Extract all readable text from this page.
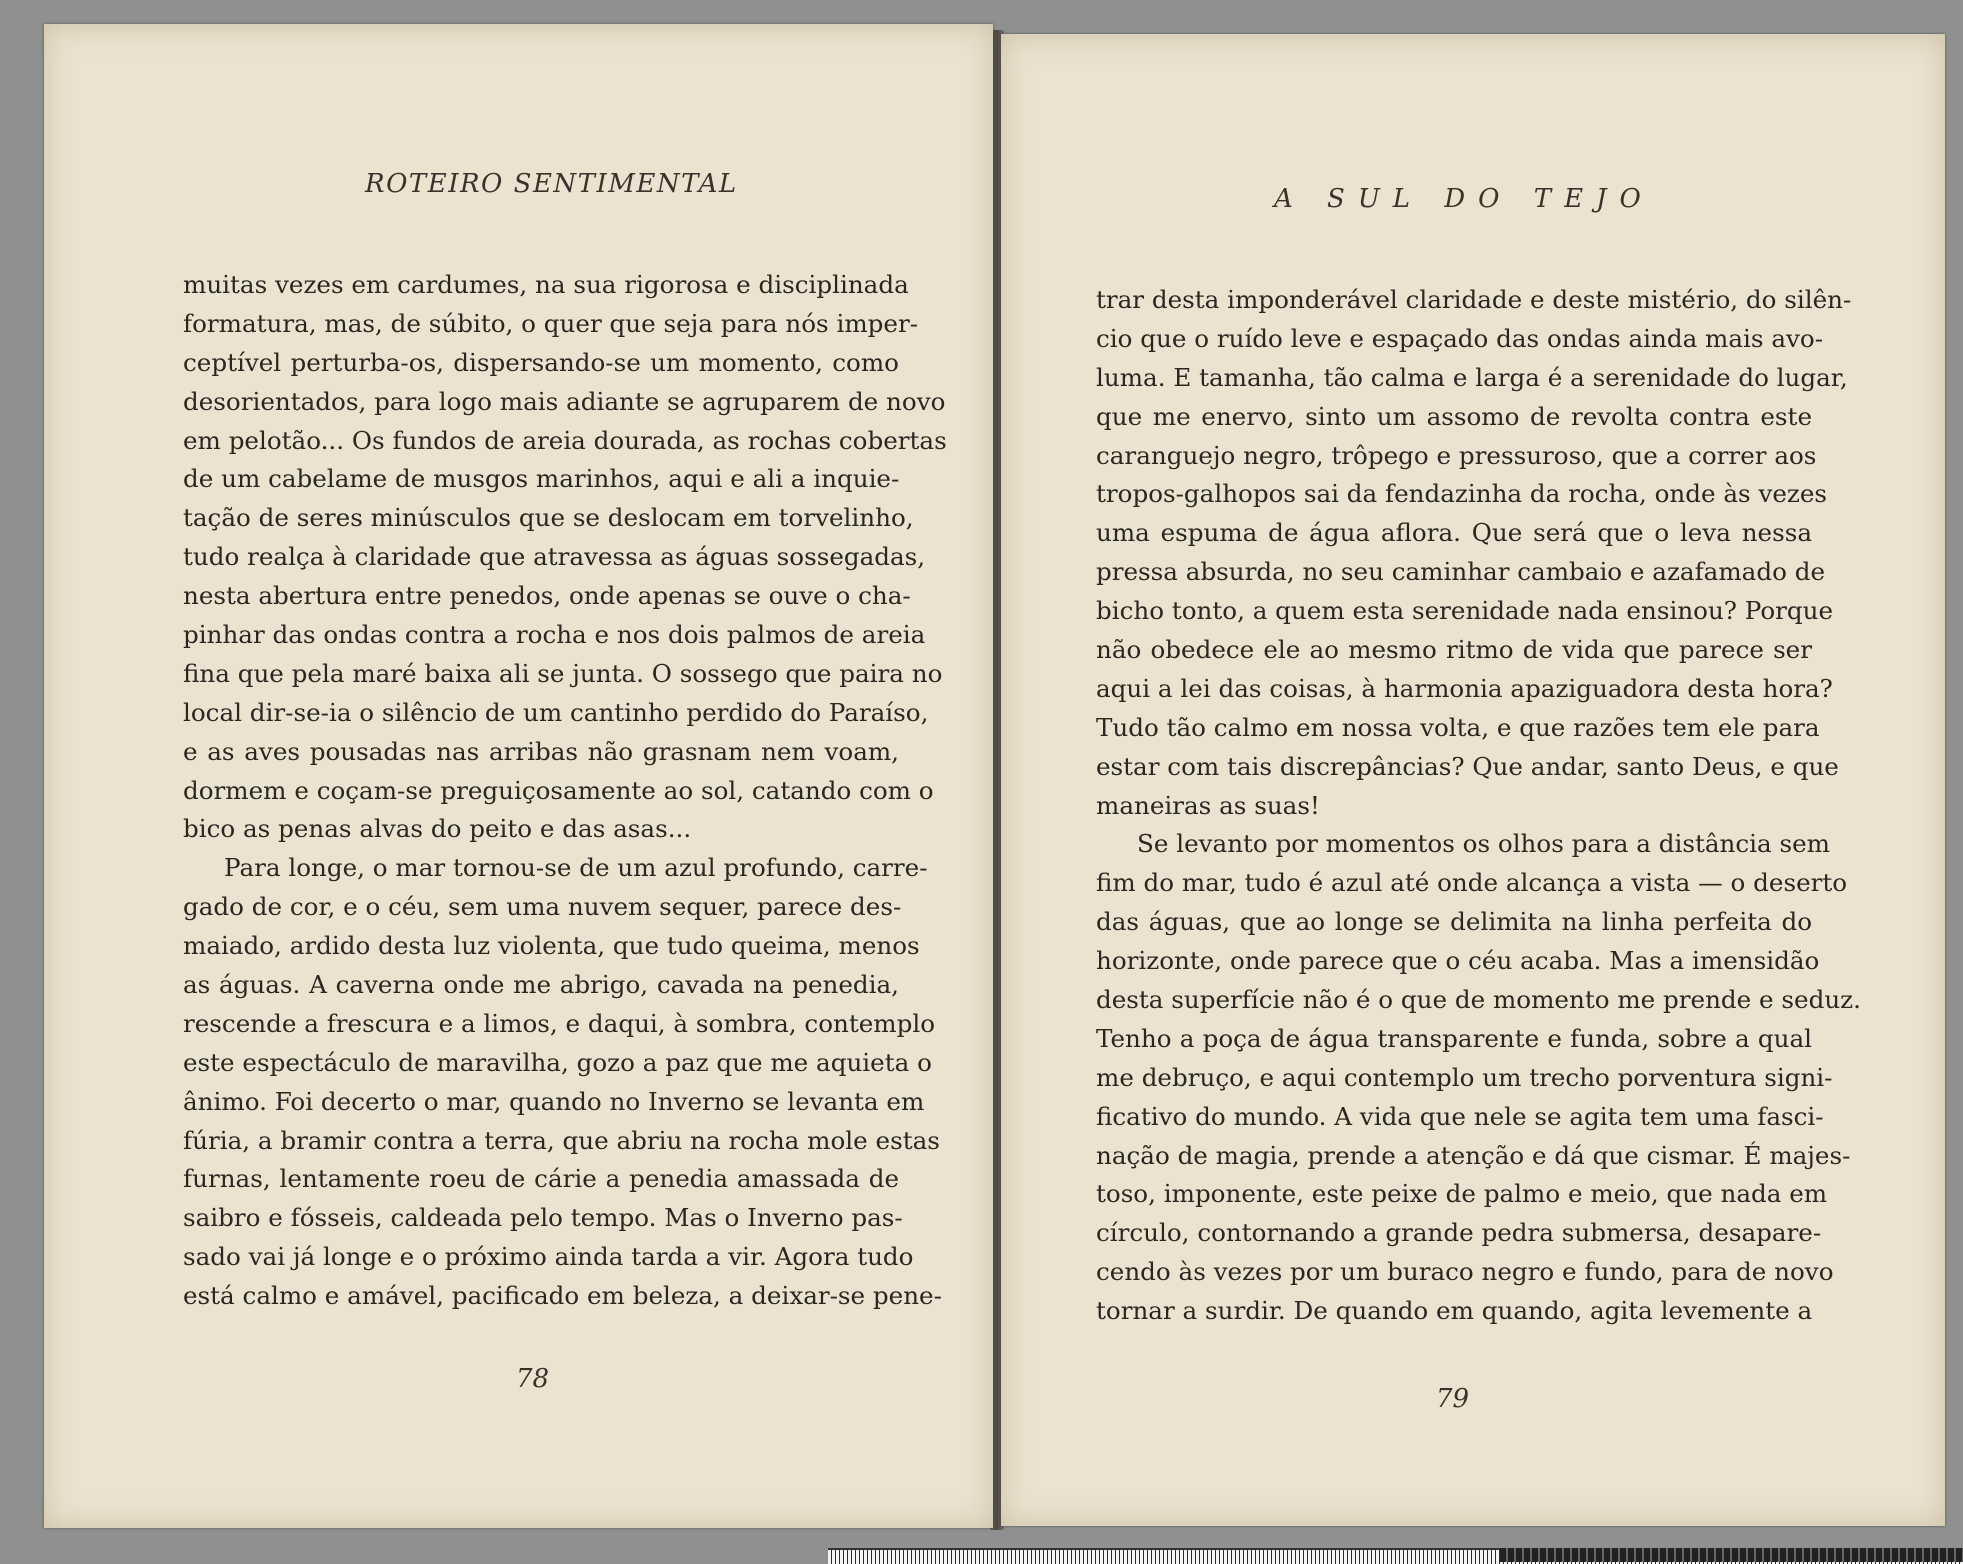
ROTEIRO SENTIMENTAL
muitas vezes em cardumes, na sua rigorosa e disciplinada
formatura, mas, de súbito, o quer que seja para nós imper-
ceptível perturba-os, dispersando-se um momento, como
desorientados, para logo mais adiante se agruparem de novo
em pelotão... Os fundos de areia dourada, as rochas cobertas
de um cabelame de musgos marinhos, aqui e ali a inquie-
tação de seres minúsculos que se deslocam em torvelinho,
tudo realça à claridade que atravessa as águas sossegadas,
nesta abertura entre penedos, onde apenas se ouve o cha-
pinhar das ondas contra a rocha e nos dois palmos de areia
fina que pela maré baixa ali se junta. O sossego que paira no
local dir-se-ia o silêncio de um cantinho perdido do Paraíso,
e as aves pousadas nas arribas não grasnam nem voam,
dormem e coçam-se preguiçosamente ao sol, catando com o
bico as penas alvas do peito e das asas...
Para longe, o mar tornou-se de um azul profundo, carre-
gado de cor, e o céu, sem uma nuvem sequer, parece des-
maiado, ardido desta luz violenta, que tudo queima, menos
as águas. A caverna onde me abrigo, cavada na penedia,
rescende a frescura e a limos, e daqui, à sombra, contemplo
este espectáculo de maravilha, gozo a paz que me aquieta o
ânimo. Foi decerto o mar, quando no Inverno se levanta em
fúria, a bramir contra a terra, que abriu na rocha mole estas
furnas, lentamente roeu de cárie a penedia amassada de
saibro e fósseis, caldeada pelo tempo. Mas o Inverno pas-
sado vai já longe e o próximo ainda tarda a vir. Agora tudo
está calmo e amável, pacificado em beleza, a deixar-se pene-
78
A SUL DO TEJO
trar desta imponderável claridade e deste mistério, do silên-
cio que o ruído leve e espaçado das ondas ainda mais avo-
luma. E tamanha, tão calma e larga é a serenidade do lugar,
que me enervo, sinto um assomo de revolta contra este
caranguejo negro, trôpego e pressuroso, que a correr aos
tropos-galhopos sai da fendazinha da rocha, onde às vezes
uma espuma de água aflora. Que será que o leva nessa
pressa absurda, no seu caminhar cambaio e azafamado de
bicho tonto, a quem esta serenidade nada ensinou? Porque
não obedece ele ao mesmo ritmo de vida que parece ser
aqui a lei das coisas, à harmonia apaziguadora desta hora?
Tudo tão calmo em nossa volta, e que razões tem ele para
estar com tais discrepâncias? Que andar, santo Deus, e que
maneiras as suas!
Se levanto por momentos os olhos para a distância sem
fim do mar, tudo é azul até onde alcança a vista — o deserto
das águas, que ao longe se delimita na linha perfeita do
horizonte, onde parece que o céu acaba. Mas a imensidão
desta superfície não é o que de momento me prende e seduz.
Tenho a poça de água transparente e funda, sobre a qual
me debruço, e aqui contemplo um trecho porventura signi-
ficativo do mundo. A vida que nele se agita tem uma fasci-
nação de magia, prende a atenção e dá que cismar. É majes-
toso, imponente, este peixe de palmo e meio, que nada em
círculo, contornando a grande pedra submersa, desapare-
cendo às vezes por um buraco negro e fundo, para de novo
tornar a surdir. De quando em quando, agita levemente a
79
